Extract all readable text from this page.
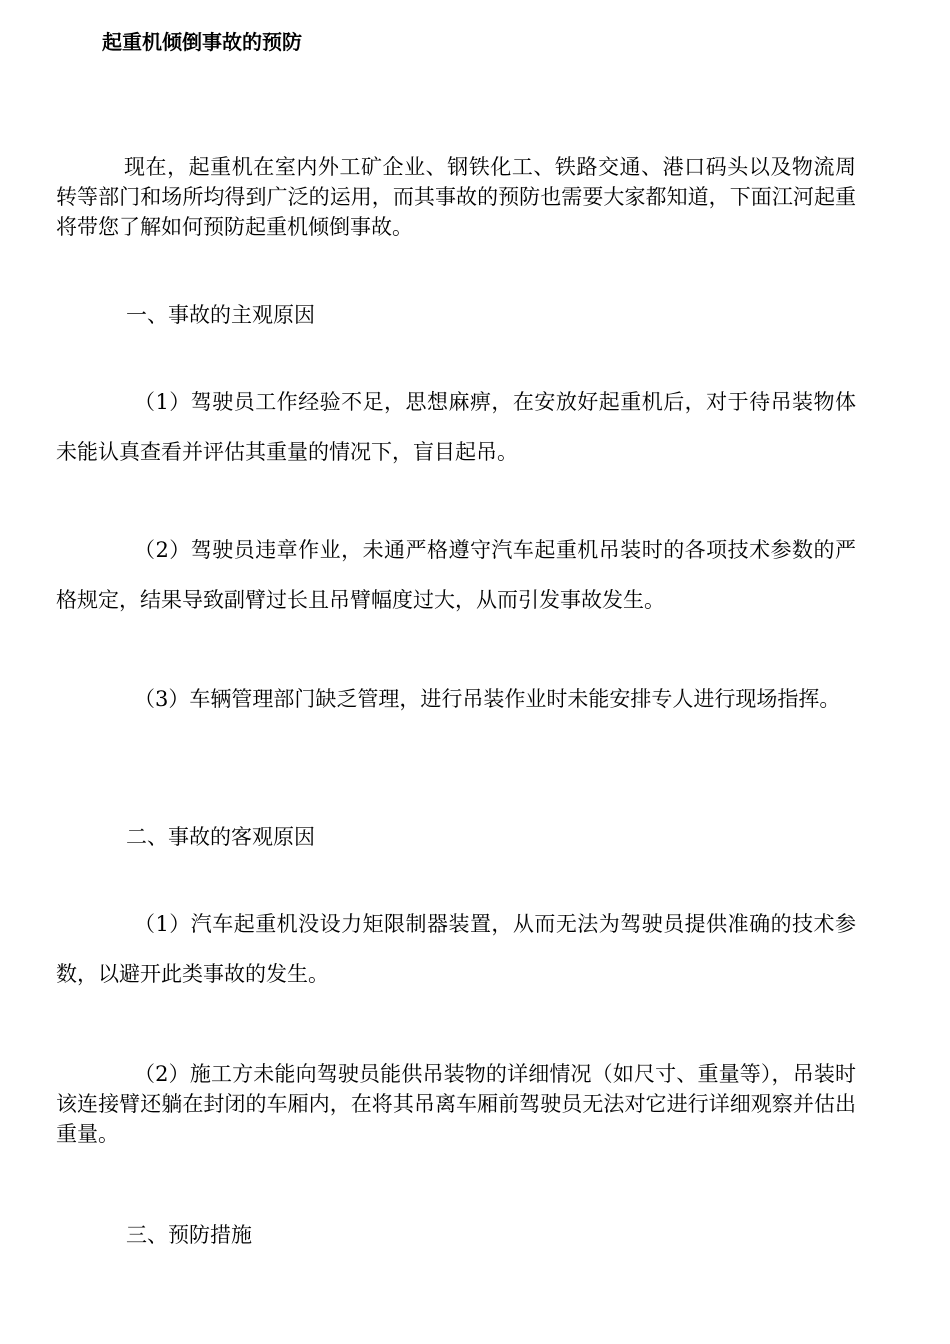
起重机倾倒事故的预防

现在，起重机在室内外工矿企业、钢铁化工、铁路交通、港口码头以及物流周转等部门和场所均得到广泛的运用，而其事故的预防也需要大家都知道，下面江河起重将带您了解如何预防起重机倾倒事故。

一、事故的主观原因

（1）驾驶员工作经验不足，思想麻痹，在安放好起重机后，对于待吊装物体未能认真查看并评估其重量的情况下，盲目起吊。

（2）驾驶员违章作业，未通严格遵守汽车起重机吊装时的各项技术参数的严格规定，结果导致副臂过长且吊臂幅度过大，从而引发事故发生。

（3）车辆管理部门缺乏管理，进行吊装作业时未能安排专人进行现场指挥。

二、事故的客观原因

（1）汽车起重机没设力矩限制器装置，从而无法为驾驶员提供准确的技术参数，以避开此类事故的发生。

（2）施工方未能向驾驶员能供吊装物的详细情况（如尺寸、重量等），吊装时该连接臂还躺在封闭的车厢内，在将其吊离车厢前驾驶员无法对它进行详细观察并估出重量。

三、预防措施
